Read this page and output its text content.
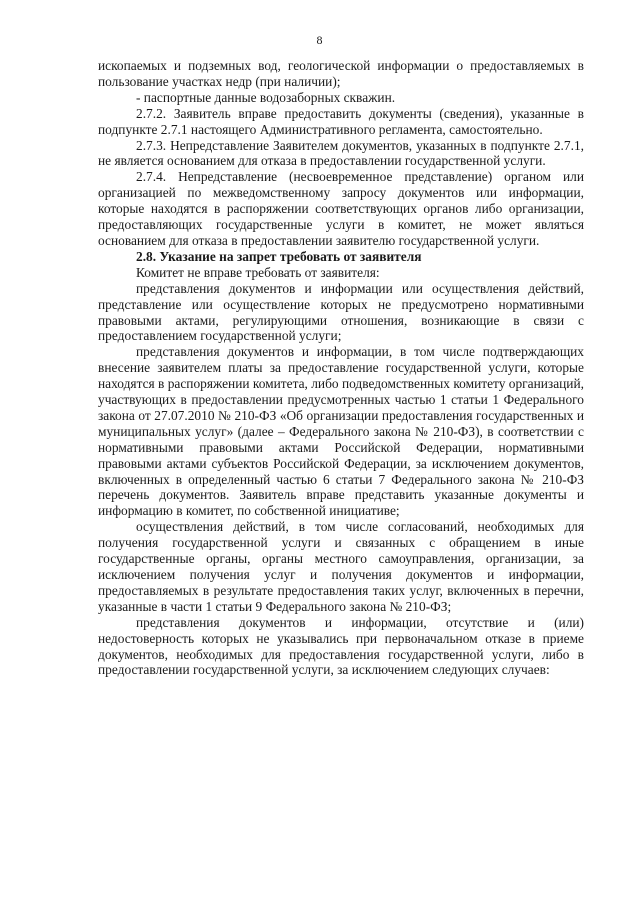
8

ископаемых и подземных вод, геологической информации о предоставляемых в пользование участках недр (при наличии);

- паспортные данные водозаборных скважин.

2.7.2. Заявитель вправе предоставить документы (сведения), указанные в подпункте 2.7.1 настоящего Административного регламента, самостоятельно.

2.7.3. Непредставление Заявителем документов, указанных в подпункте 2.7.1, не является основанием для отказа в предоставлении государственной услуги.

2.7.4. Непредставление (несвоевременное представление) органом или организацией по межведомственному запросу документов или информации, которые находятся в распоряжении соответствующих органов либо организации, предоставляющих государственные услуги в комитет, не может являться основанием для отказа в предоставлении заявителю государственной услуги.

2.8. Указание на запрет требовать от заявителя

Комитет не вправе требовать от заявителя:

представления документов и информации или осуществления действий, представление или осуществление которых не предусмотрено нормативными правовыми актами, регулирующими отношения, возникающие в связи с предоставлением государственной услуги;

представления документов и информации, в том числе подтверждающих внесение заявителем платы за предоставление государственной услуги, которые находятся в распоряжении комитета, либо подведомственных комитету организаций, участвующих в предоставлении предусмотренных частью 1 статьи 1 Федерального закона от 27.07.2010 № 210-ФЗ «Об организации предоставления государственных и муниципальных услуг» (далее – Федерального закона № 210-ФЗ), в соответствии с нормативными правовыми актами Российской Федерации, нормативными правовыми актами субъектов Российской Федерации, за исключением документов, включенных в определенный частью 6 статьи 7 Федерального закона № 210-ФЗ перечень документов. Заявитель вправе представить указанные документы и информацию в комитет, по собственной инициативе;

осуществления действий, в том числе согласований, необходимых для получения государственной услуги и связанных с обращением в иные государственные органы, органы местного самоуправления, организации, за исключением получения услуг и получения документов и информации, предоставляемых в результате предоставления таких услуг, включенных в перечни, указанные в части 1 статьи 9 Федерального закона № 210-ФЗ;

представления документов и информации, отсутствие и (или) недостоверность которых не указывались при первоначальном отказе в приеме документов, необходимых для предоставления государственной услуги, либо в предоставлении государственной услуги, за исключением следующих случаев:
